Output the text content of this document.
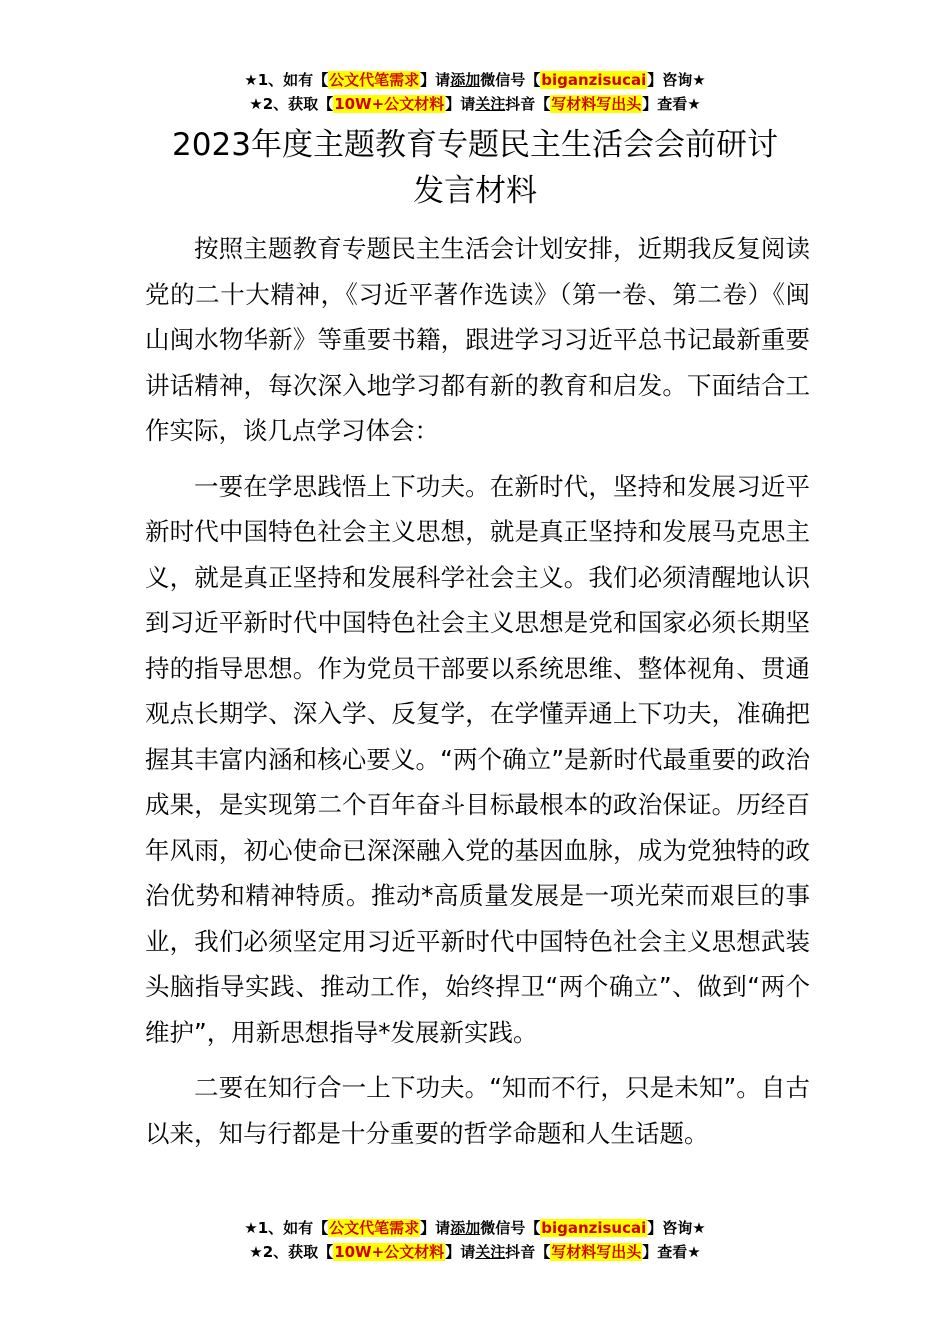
★1、如有【公文代笔需求】请添加微信号【biganzisucai】咨询★
★2、获取【10W+公文材料】请关注抖音【写材料写出头】查看★
2023年度主题教育专题民主生活会会前研讨
发言材料

按照主题教育专题民主生活会计划安排，近期我反复阅读党的二十大精神，《习近平著作选读》（第一卷、第二卷）《闽山闽水物华新》等重要书籍，跟进学习习近平总书记最新重要讲话精神，每次深入地学习都有新的教育和启发。下面结合工作实际，谈几点学习体会：

一要在学思践悟上下功夫。在新时代，坚持和发展习近平新时代中国特色社会主义思想，就是真正坚持和发展马克思主义，就是真正坚持和发展科学社会主义。我们必须清醒地认识到习近平新时代中国特色社会主义思想是党和国家必须长期坚持的指导思想。作为党员干部要以系统思维、整体视角、贯通观点长期学、深入学、反复学，在学懂弄通上下功夫，准确把握其丰富内涵和核心要义。“两个确立”是新时代最重要的政治成果，是实现第二个百年奋斗目标最根本的政治保证。历经百年风雨，初心使命已深深融入党的基因血脉，成为党独特的政治优势和精神特质。推动*高质量发展是一项光荣而艰巨的事业，我们必须坚定用习近平新时代中国特色社会主义思想武装头脑指导实践、推动工作，始终捍卫“两个确立”、做到“两个维护”，用新思想指导*发展新实践。

二要在知行合一上下功夫。“知而不行，只是未知”。自古以来，知与行都是十分重要的哲学命题和人生话题。

★1、如有【公文代笔需求】请添加微信号【biganzisucai】咨询★
★2、获取【10W+公文材料】请关注抖音【写材料写出头】查看★
